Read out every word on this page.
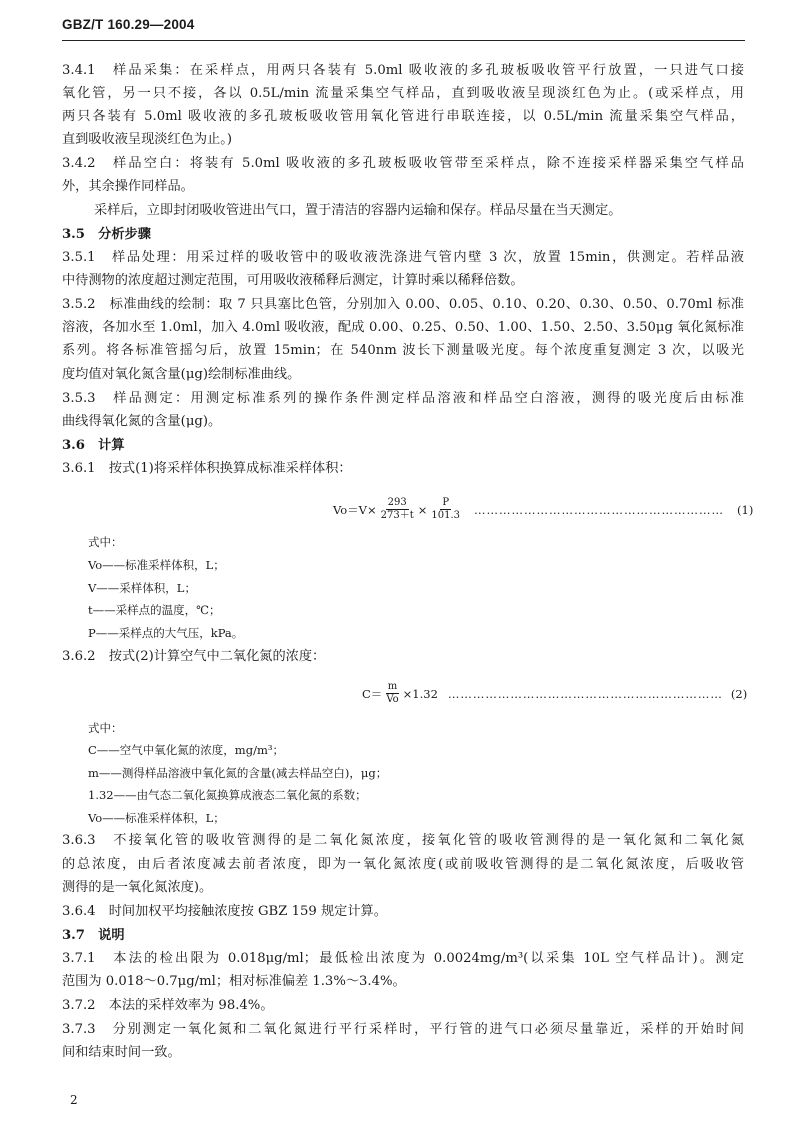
GBZ/T 160.29—2004
3.4.1　样品采集：在采样点，用两只各装有 5.0ml 吸收液的多孔玻板吸收管平行放置，一只进气口接
氧化管，另一只不接，各以 0.5L/min 流量采集空气样品，直到吸收液呈现淡红色为止。(或采样点，用
两只各装有 5.0ml 吸收液的多孔玻板吸收管用氧化管进行串联连接，以 0.5L/min 流量采集空气样品，
直到吸收液呈现淡红色为止。)
3.4.2　样品空白：将装有 5.0ml 吸收液的多孔玻板吸收管带至采样点，除不连接采样器采集空气样品
外，其余操作同样品。
采样后，立即封闭吸收管进出气口，置于清洁的容器内运输和保存。样品尽量在当天测定。
3.5　分析步骤
3.5.1　样品处理：用采过样的吸收管中的吸收液洗涤进气管内壁 3 次，放置 15min，供测定。若样品液
中待测物的浓度超过测定范围，可用吸收液稀释后测定，计算时乘以稀释倍数。
3.5.2　标准曲线的绘制：取 7 只具塞比色管，分别加入 0.00、0.05、0.10、0.20、0.30、0.50、0.70ml 标准
溶液，各加水至 1.0ml，加入 4.0ml 吸收液，配成 0.00、0.25、0.50、1.00、1.50、2.50、3.50μg 氧化氮标准
系列。将各标准管摇匀后，放置 15min；在 540nm 波长下测量吸光度。每个浓度重复测定 3 次，以吸光
度均值对氧化氮含量(μg)绘制标准曲线。
3.5.3　样品测定：用测定标准系列的操作条件测定样品溶液和样品空白溶液，测得的吸光度后由标准
曲线得氧化氮的含量(μg)。
3.6　计算
3.6.1　按式(1)将采样体积换算成标准采样体积：
$Vo=V\times \frac{293}{273+t} \times \frac{P}{101.3}$ ……………………………………………………	(1)
式中：
Vo——标准采样体积，L；
V——采样体积，L；
t——采样点的温度，℃；
P——采样点的大气压，kPa。
3.6.2　按式(2)计算空气中二氧化氮的浓度：
$C= \frac{m}{Vo} \times 1.32$ ………………………………………………………… (2)
式中：
C——空气中氧化氮的浓度，mg/m³；
m——测得样品溶液中氧化氮的含量(减去样品空白)，μg；
1.32——由气态二氧化氮换算成液态二氧化氮的系数；
Vo——标准采样体积，L；
3.6.3　不接氧化管的吸收管测得的是二氧化氮浓度，接氧化管的吸收管测得的是一氧化氮和二氧化氮
的总浓度，由后者浓度减去前者浓度，即为一氧化氮浓度(或前吸收管测得的是二氧化氮浓度，后吸收管
测得的是一氧化氮浓度)。
3.6.4　时间加权平均接触浓度按 GBZ 159 规定计算。
3.7　说明
3.7.1　本法的检出限为 0.018μg/ml；最低检出浓度为 0.0024mg/m³(以采集 10L 空气样品计)。测定
范围为 0.018～0.7μg/ml；相对标准偏差 1.3%～3.4%。
3.7.2　本法的采样效率为 98.4%。
3.7.3　分别测定一氧化氮和二氧化氮进行平行采样时，平行管的进气口必须尽量靠近，采样的开始时间
间和结束时间一致。
2
